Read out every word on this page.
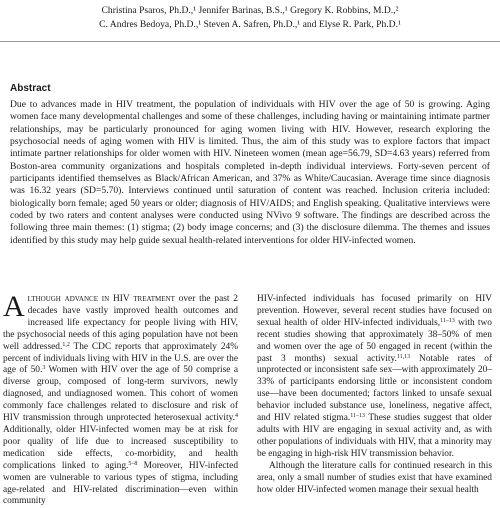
Christina Psaros, Ph.D.,¹ Jennifer Barinas, B.S.,¹ Gregory K. Robbins, M.D.,²
C. Andres Bedoya, Ph.D.,¹ Steven A. Safren, Ph.D.,¹ and Elyse R. Park, Ph.D.¹
Abstract
Due to advances made in HIV treatment, the population of individuals with HIV over the age of 50 is growing. Aging women face many developmental challenges and some of these challenges, including having or maintaining intimate partner relationships, may be particularly pronounced for aging women living with HIV. However, research exploring the psychosocial needs of aging women with HIV is limited. Thus, the aim of this study was to explore factors that impact intimate partner relationships for older women with HIV. Nineteen women (mean age=56.79, SD=4.63 years) referred from Boston-area community organizations and hospitals completed in-depth individual interviews. Forty-seven percent of participants identified themselves as Black/African American, and 37% as White/Caucasian. Average time since diagnosis was 16.32 years (SD=5.70). Interviews continued until saturation of content was reached. Inclusion criteria included: biologically born female; aged 50 years or older; diagnosis of HIV/AIDS; and English speaking. Qualitative interviews were coded by two raters and content analyses were conducted using NVivo 9 software. The findings are described across the following three main themes: (1) stigma; (2) body image concerns; and (3) the disclosure dilemma. The themes and issues identified by this study may help guide sexual health-related interventions for older HIV-infected women.

Although advance in HIV treatment over the past 2 decades have vastly improved health outcomes and increased life expectancy for people living with HIV, the psychosocial needs of this aging population have not been well addressed.$^{1,2}$ The CDC reports that approximately 24% percent of individuals living with HIV in the U.S. are over the age of 50.$^3$ Women with HIV over the age of 50 comprise a diverse group, composed of long-term survivors, newly diagnosed, and undiagnosed women. This cohort of women commonly face challenges related to disclosure and risk of HIV transmission through unprotected heterosexual activity.$^4$ Additionally, older HIV-infected women may be at risk for poor quality of life due to increased susceptibility to medication side effects, co-morbidity, and health complications linked to aging.$^{5-8}$ Moreover, HIV-infected women are vulnerable to various types of stigma, including age-related and HIV-related discrimination—even within community

HIV-infected individuals has focused primarily on HIV prevention. However, several recent studies have focused on sexual health of older HIV-infected individuals,$^{11-13}$ with two recent studies showing that approximately 38–50% of men and women over the age of 50 engaged in recent (within the past 3 months) sexual activity.$^{11,13}$ Notable rates of unprotected or inconsistent safe sex—with approximately 20–33% of participants endorsing little or inconsistent condom use—have been documented; factors linked to unsafe sexual behavior included substance use, loneliness, negative affect, and HIV related stigma.$^{11-13}$ These studies suggest that older adults with HIV are engaging in sexual activity and, as with other populations of individuals with HIV, that a minority may be engaging in high-risk HIV transmission behavior.

Although the literature calls for continued research in this area, only a small number of studies exist that have examined how older HIV-infected women manage their sexual health
